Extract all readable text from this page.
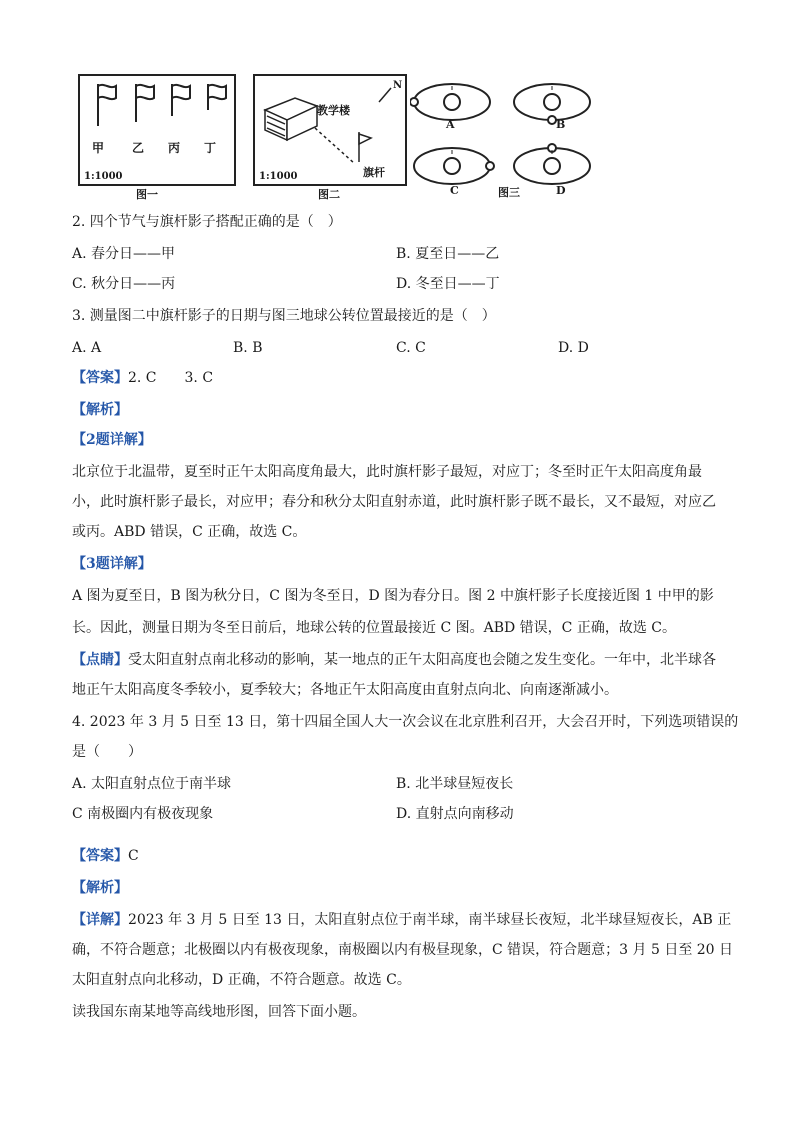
甲 乙 丙 丁
1:1000
图一
教学楼
N
旗杆
1:1000
图二
A	B
C	D
图三
2. 四个节气与旗杆影子搭配正确的是（　）
A. 春分日——甲	B. 夏至日——乙
C. 秋分日——丙	D. 冬至日——丁
3. 测量图二中旗杆影子的日期与图三地球公转位置最接近的是（　）
A. A	B. B	C. C	D. D
【答案】2. C　　3. C
【解析】
【2题详解】
北京位于北温带，夏至时正午太阳高度角最大，此时旗杆影子最短，对应丁；冬至时正午太阳高度角最
小，此时旗杆影子最长，对应甲；春分和秋分太阳直射赤道，此时旗杆影子既不最长，又不最短，对应乙
或丙。ABD 错误，C 正确，故选 C。
【3题详解】
A 图为夏至日，B 图为秋分日，C 图为冬至日，D 图为春分日。图 2 中旗杆影子长度接近图 1 中甲的影
长。因此，测量日期为冬至日前后，地球公转的位置最接近 C 图。ABD 错误，C 正确，故选 C。
【点睛】受太阳直射点南北移动的影响，某一地点的正午太阳高度也会随之发生变化。一年中，北半球各
地正午太阳高度冬季较小，夏季较大；各地正午太阳高度由直射点向北、向南逐渐减小。
4. 2023 年 3 月 5 日至 13 日，第十四届全国人大一次会议在北京胜利召开，大会召开时，下列选项错误的
是（　　）
A. 太阳直射点位于南半球	B. 北半球昼短夜长
C 南极圈内有极夜现象	D. 直射点向南移动
【答案】C
【解析】
【详解】2023 年 3 月 5 日至 13 日，太阳直射点位于南半球，南半球昼长夜短，北半球昼短夜长，AB 正
确，不符合题意；北极圈以内有极夜现象，南极圈以内有极昼现象，C 错误，符合题意；3 月 5 日至 20 日
太阳直射点向北移动，D 正确，不符合题意。故选 C。
读我国东南某地等高线地形图，回答下面小题。
